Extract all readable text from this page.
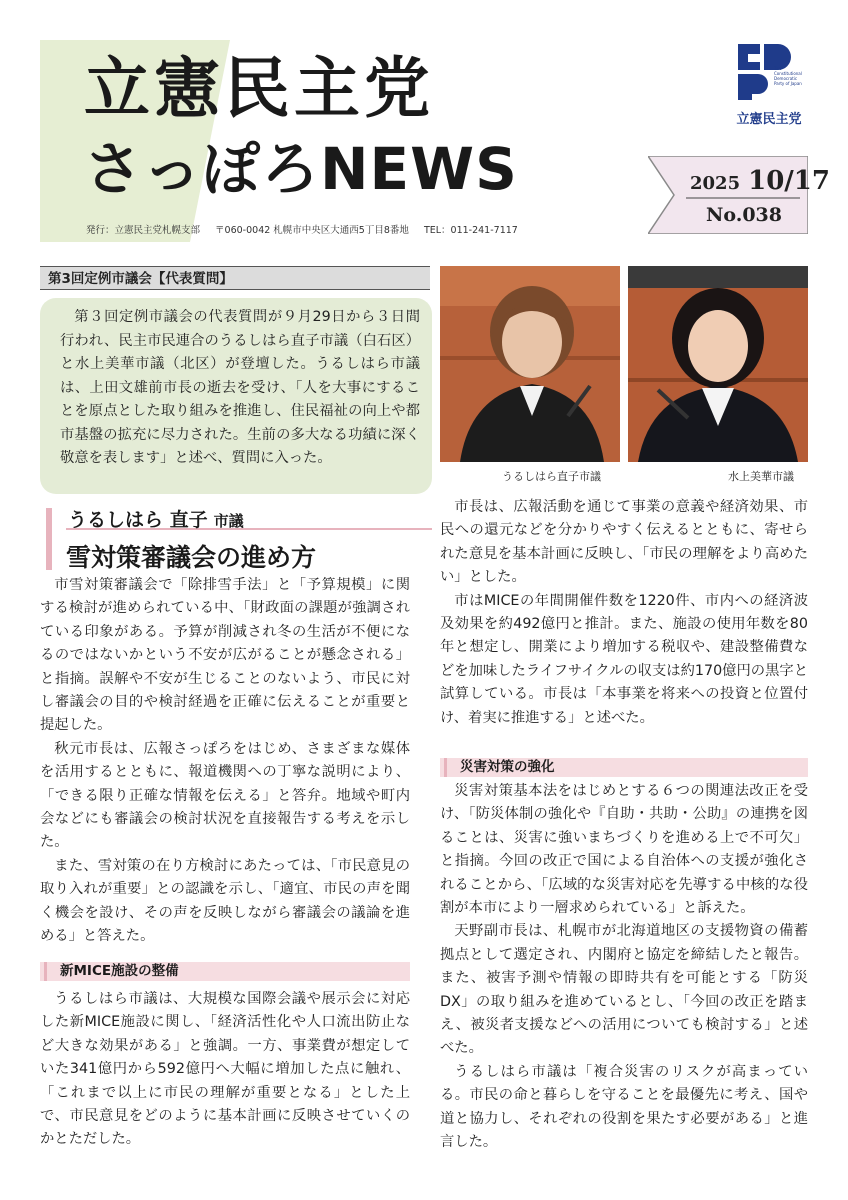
立憲民主党
さっぽろNEWS
発行：立憲民主党札幌支部 〒060-0042 札幌市中央区大通西5丁目8番地 TEL：011-241-7117
The Constitutional Democratic Party of Japan
立憲民主党
2025 10/17
No.038
第3回定例市議会【代表質問】

第３回定例市議会の代表質問が９月29日から３日間行われ、民主市民連合のうるしはら直子市議（白石区）と水上美華市議（北区）が登壇した。うるしはら市議は、上田文雄前市長の逝去を受け、「人を大事にすることを原点とした取り組みを推進し、住民福祉の向上や都市基盤の拡充に尽力された。生前の多大なる功績に深く敬意を表します」と述べ、質問に入った。

うるしはら直子市議	水上美華市議
うるしはら 直子 市議
雪対策審議会の進め方

市雪対策審議会で「除排雪手法」と「予算規模」に関する検討が進められている中、「財政面の課題が強調されている印象がある。予算が削減され冬の生活が不便になるのではないかという不安が広がることが懸念される」と指摘。誤解や不安が生じることのないよう、市民に対し審議会の目的や検討経過を正確に伝えることが重要と提起した。

秋元市長は、広報さっぽろをはじめ、さまざまな媒体を活用するとともに、報道機関への丁寧な説明により、「できる限り正確な情報を伝える」と答弁。地域や町内会などにも審議会の検討状況を直接報告する考えを示した。

また、雪対策の在り方検討にあたっては、「市民意見の取り入れが重要」との認識を示し、「適宜、市民の声を聞く機会を設け、その声を反映しながら審議会の議論を進める」と答えた。

新MICE施設の整備

うるしはら市議は、大規模な国際会議や展示会に対応した新MICE施設に関し、「経済活性化や人口流出防止など大きな効果がある」と強調。一方、事業費が想定していた341億円から592億円へ大幅に増加した点に触れ、「これまで以上に市民の理解が重要となる」とした上で、市民意見をどのように基本計画に反映させていくのかとただした。

市長は、広報活動を通じて事業の意義や経済効果、市民への還元などを分かりやすく伝えるとともに、寄せられた意見を基本計画に反映し、「市民の理解をより高めたい」とした。

市はMICEの年間開催件数を1220件、市内への経済波及効果を約492億円と推計。また、施設の使用年数を80年と想定し、開業により増加する税収や、建設整備費などを加味したライフサイクルの収支は約170億円の黒字と試算している。市長は「本事業を将来への投資と位置付け、着実に推進する」と述べた。

災害対策の強化

災害対策基本法をはじめとする６つの関連法改正を受け、「防災体制の強化や『自助・共助・公助』の連携を図ることは、災害に強いまちづくりを進める上で不可欠」と指摘。今回の改正で国による自治体への支援が強化されることから、「広域的な災害対応を先導する中核的な役割が本市により一層求められている」と訴えた。

天野副市長は、札幌市が北海道地区の支援物資の備蓄拠点として選定され、内閣府と協定を締結したと報告。また、被害予測や情報の即時共有を可能とする「防災DX」の取り組みを進めているとし、「今回の改正を踏まえ、被災者支援などへの活用についても検討する」と述べた。

うるしはら市議は「複合災害のリスクが高まっている。市民の命と暮らしを守ることを最優先に考え、国や道と協力し、それぞれの役割を果たす必要がある」と進言した。
